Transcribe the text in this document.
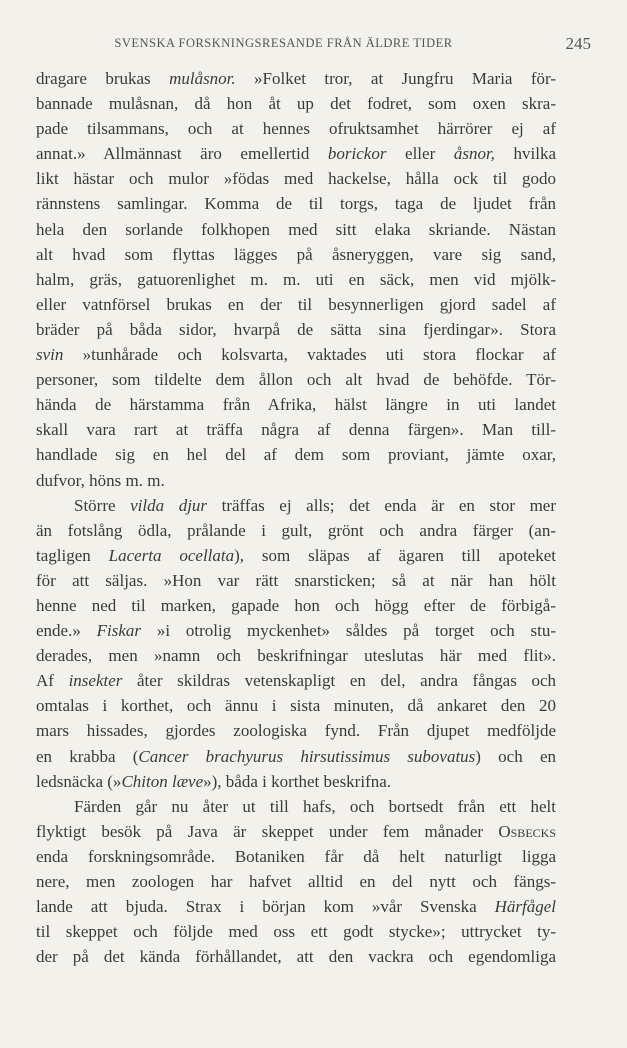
SVENSKA FORSKNINGSRESANDE FRÅN ÄLDRE TIDER	245
dragare brukas mulåsnor. »Folket tror, at Jungfru Maria för-
bannade mulåsnan, då hon åt up det fodret, som oxen skra-
pade tilsammans, och at hennes ofruktsamhet härrörer ej af
annat.» Allmännast äro emellertid borickor eller åsnor, hvilka
likt hästar och mulor »födas med hackelse, hålla ock til godo
rännstens samlingar. Komma de til torgs, taga de ljudet från
hela den sorlande folkhopen med sitt elaka skriande. Nästan
alt hvad som flyttas lägges på åsneryggen, vare sig sand,
halm, gräs, gatuorenlighet m. m. uti en säck, men vid mjölk-
eller vatnförsel brukas en der til besynnerligen gjord sadel af
bräder på båda sidor, hvarpå de sätta sina fjerdingar». Stora
svin »tunhårade och kolsvarta, vaktades uti stora flockar af
personer, som tildelte dem ållon och alt hvad de behöfde. Tör-
hända de härstamma från Afrika, hälst längre in uti landet
skall vara rart at träffa några af denna färgen». Man till-
handlade sig en hel del af dem som proviant, jämte oxar,
dufvor, höns m. m.
Större vilda djur träffas ej alls; det enda är en stor mer
än fotslång ödla, prålande i gult, grönt och andra färger (an-
tagligen Lacerta ocellata), som släpas af ägaren till apoteket
för att säljas. »Hon var rätt snarsticken; så at när han hölt
henne ned til marken, gapade hon och högg efter de förbigå-
ende.» Fiskar »i otrolig myckenhet» såldes på torget och stu-
derades, men »namn och beskrifningar uteslutas här med flit».
Af insekter åter skildras vetenskapligt en del, andra fångas och
omtalas i korthet, och ännu i sista minuten, då ankaret den 20
mars hissades, gjordes zoologiska fynd. Från djupet medföljde
en krabba (Cancer brachyurus hirsutissimus subovatus) och en
ledsnäcka (»Chiton læve»), båda i korthet beskrifna.
Färden går nu åter ut till hafs, och bortsedt från ett helt
flyktigt besök på Java är skeppet under fem månader Osbecks
enda forskningsområde. Botaniken får då helt naturligt ligga
nere, men zoologen har hafvet alltid en del nytt och fängs-
lande att bjuda. Strax i början kom »vår Svenska Härfågel
til skeppet och följde med oss ett godt stycke»; uttrycket ty-
der på det kända förhållandet, att den vackra och egendomliga
